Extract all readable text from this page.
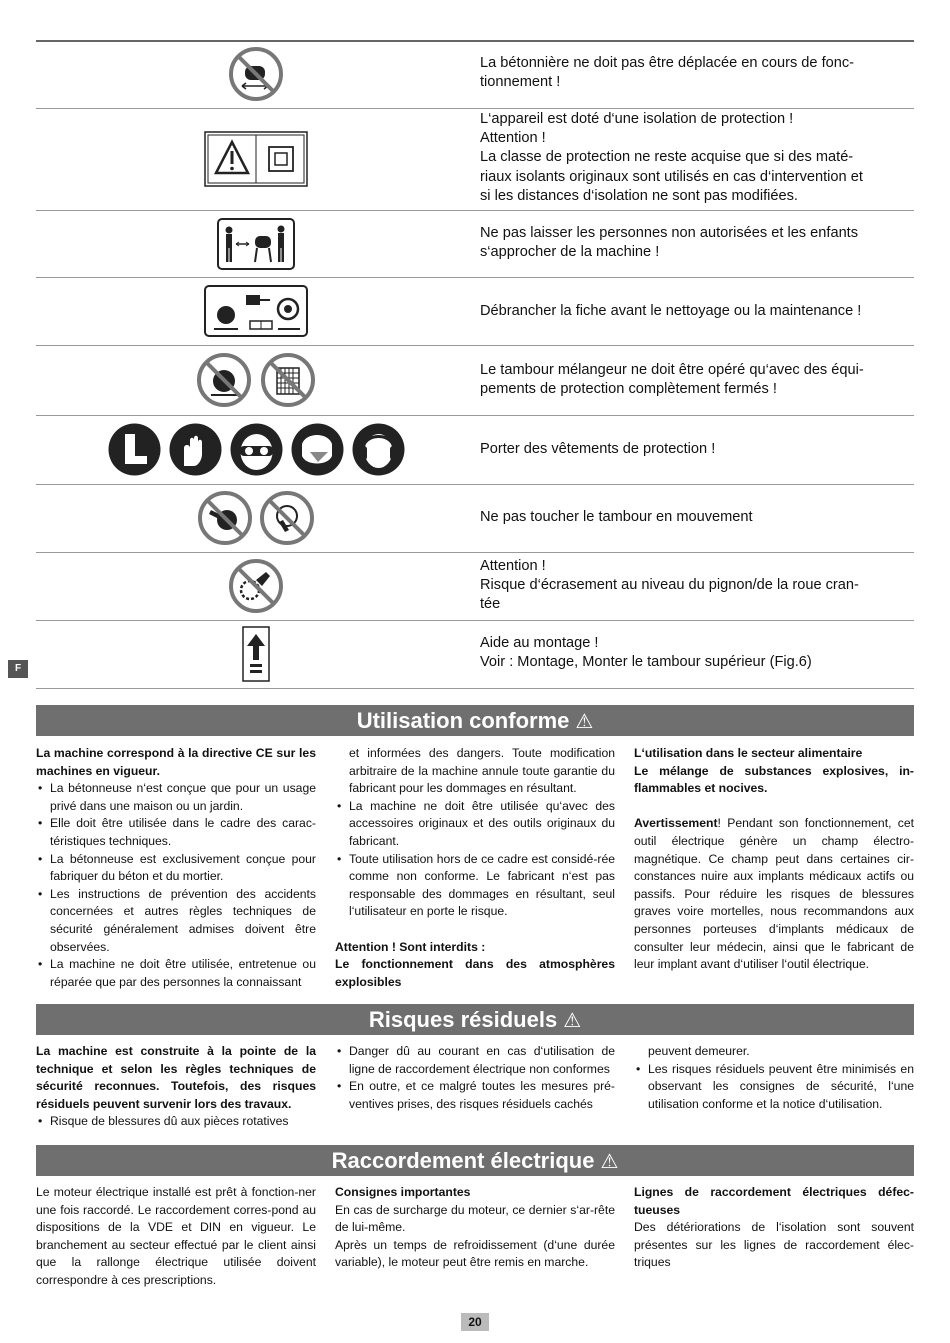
F
La bétonnière ne doit pas être déplacée en cours de fonc-
tionnement !
L‘appareil est doté d‘une isolation de protection !
Attention !
La classe de protection ne reste acquise que si des maté-
riaux isolants originaux sont utilisés en cas d‘intervention et
si les distances d‘isolation ne sont pas modifiées.
Ne pas laisser les personnes non autorisées et les enfants
s‘approcher de la machine !
Débrancher la fiche avant le nettoyage ou la maintenance !
Le tambour mélangeur ne doit être opéré qu‘avec des équi-
pements de protection complètement fermés !
Porter des vêtements de protection !
Ne pas toucher le tambour en mouvement
Attention !
Risque d‘écrasement au niveau du pignon/de la roue cran-
tée
Aide au montage !
Voir : Montage, Monter le tambour supérieur (Fig.6)
Utilisation conforme ⚠

La machine correspond à la directive CE sur les machines en vigueur.

• La bétonneuse n‘est conçue que pour un usage privé dans une maison ou un jardin.
• Elle doit être utilisée dans le cadre des carac-téristiques techniques.
• La bétonneuse est exclusivement conçue pour fabriquer du béton et du mortier.
• Les instructions de prévention des accidents concernées et autres règles techniques de sécurité généralement admises doivent être observées.
• La machine ne doit être utilisée, entretenue ou réparée que par des personnes la connaissant

et informées des dangers. Toute modification arbitraire de la machine annule toute garantie du fabricant pour les dommages en résultant.

• La machine ne doit être utilisée qu‘avec des accessoires originaux et des outils originaux du fabricant.
• Toute utilisation hors de ce cadre est considé-rée comme non conforme. Le fabricant n‘est pas responsable des dommages en résultant, seul l‘utilisateur en porte le risque.

Attention ! Sont interdits :

Le fonctionnement dans des atmosphères explosibles

L‘utilisation dans le secteur alimentaire

Le mélange de substances explosives, in-flammables et nocives.

Avertissement! Pendant son fonctionnement, cet outil électrique génère un champ électro-magnétique. Ce champ peut dans certaines cir-constances nuire aux implants médicaux actifs ou passifs. Pour réduire les risques de blessures graves voire mortelles, nous recommandons aux personnes porteuses d‘implants médicaux de consulter leur médecin, ainsi que le fabricant de leur implant avant d‘utiliser l‘outil électrique.

Risques résiduels ⚠

La machine est construite à la pointe de la technique et selon les règles techniques de sécurité reconnues. Toutefois, des risques résiduels peuvent survenir lors des travaux.

• Risque de blessures dû aux pièces rotatives
• Danger dû au courant en cas d‘utilisation de ligne de raccordement électrique non conformes
• En outre, et ce malgré toutes les mesures pré-ventives prises, des risques résiduels cachés

peuvent demeurer.

• Les risques résiduels peuvent être minimisés en observant les consignes de sécurité, l‘une utilisation conforme et la notice d‘utilisation.
Raccordement électrique ⚠

Le moteur électrique installé est prêt à fonction-ner une fois raccordé. Le raccordement corres-pond au dispositions de la VDE et DIN en vigueur. Le branchement au secteur effectué par le client ainsi que la rallonge électrique utilisée doivent correspondre à ces prescriptions.

Consignes importantes

En cas de surcharge du moteur, ce dernier s‘ar-rête de lui-même.

Après un temps de refroidissement (d‘une durée variable), le moteur peut être remis en marche.

Lignes de raccordement électriques défec-tueuses

Des détériorations de l‘isolation sont souvent présentes sur les lignes de raccordement élec-triques

20
